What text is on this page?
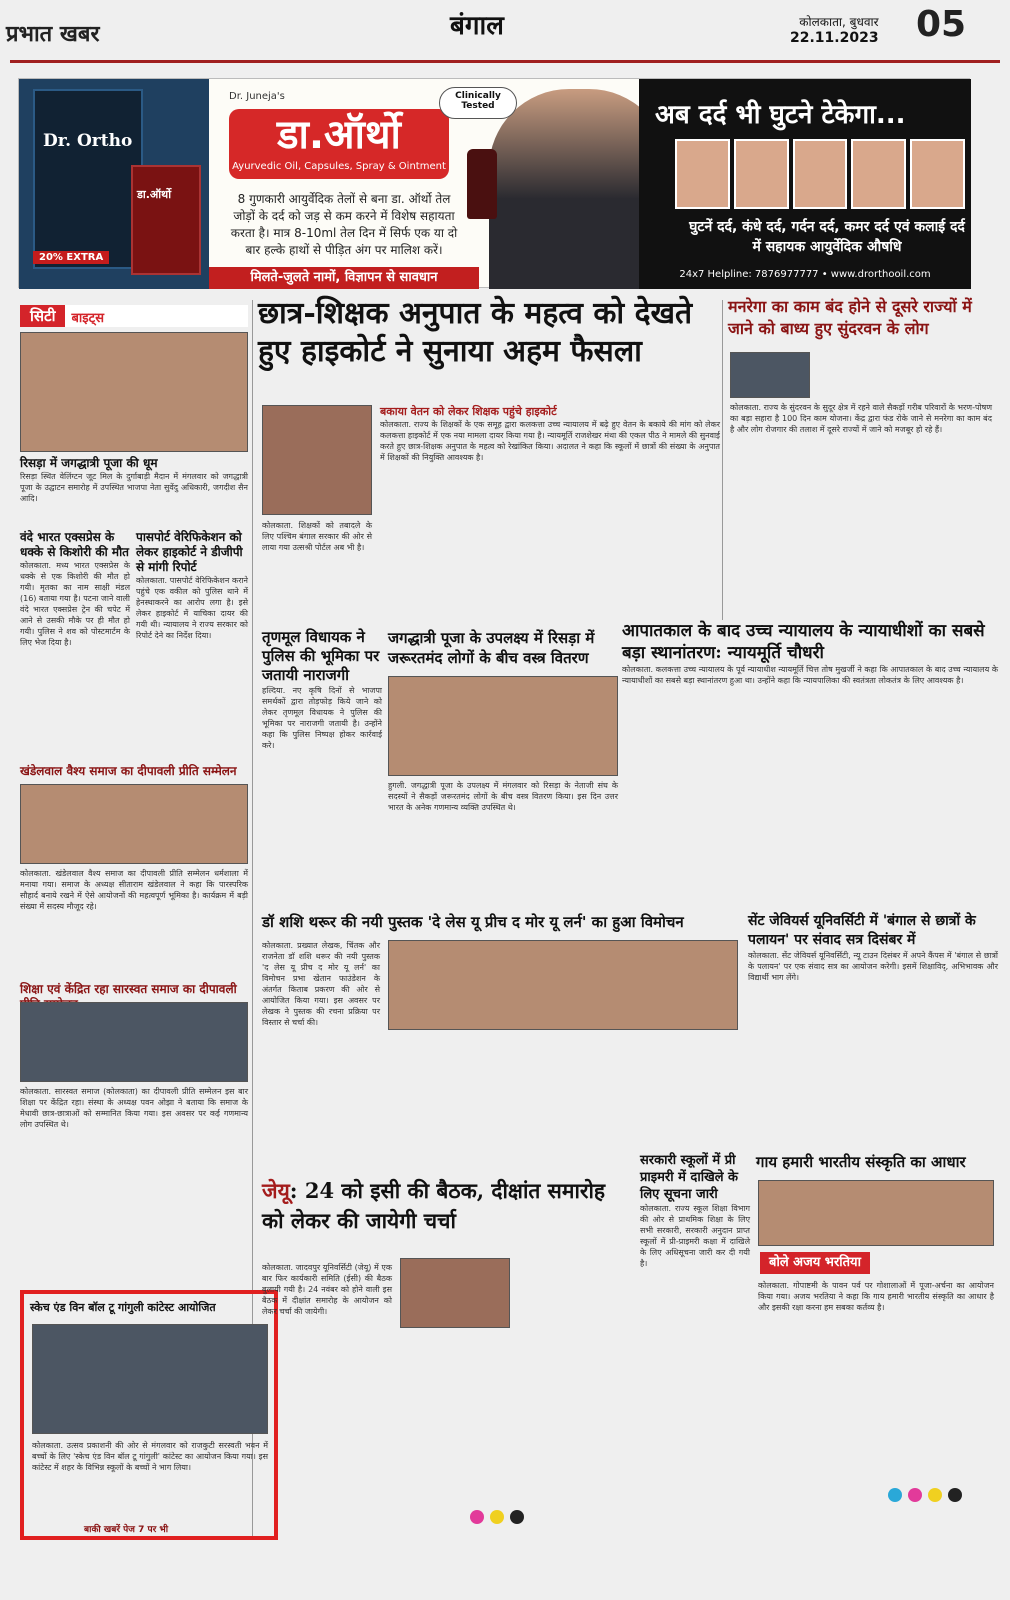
प्रभात खबर	बंगाल	कोलकाता, बुधवार
22.11.2023 05
Dr. Ortho
20% EXTRA
डा.ऑर्थो
Dr. Juneja's
डा.ऑर्थो
Ayurvedic Oil, Capsules, Spray & Ointment
8 गुणकारी आयुर्वेदिक तेलों से बना डा. ऑर्थो तेल जोड़ों के दर्द को जड़ से कम करने में विशेष सहायता करता है। मात्र 8-10ml तेल दिन में सिर्फ एक या दो बार हल्के हाथों से पीड़ित अंग पर मालिश करें।
मिलते-जुलते नामों, विज्ञापन से सावधान
Clinically Tested	अब दर्द भी घुटने टेकेगा...
घुटनें दर्द, कंधे दर्द, गर्दन दर्द, कमर दर्द एवं कलाई दर्द में सहायक आयुर्वेदिक औषधि
24x7 Helpline: 7876977777 • www.drorthooil.com
सिटी	बाइट्स
रिसड़ा में जगद्धात्री पूजा की धूम
रिसड़ा स्थित वेलिंग्टन जूट मिल के दुर्गाबाड़ी मैदान में मंगलवार को जगद्धात्री पूजा के उद्घाटन समारोह में उपस्थित भाजपा नेता सुवेंदु अधिकारी, जगदीश सैन आदि।
वंदे भारत एक्सप्रेस के धक्के से किशोरी की मौत
कोलकाता. मध्य भारत एक्सप्रेस के धक्के से एक किशोरी की मौत हो गयी। मृतका का नाम साक्षी मंडल (16) बताया गया है। पटना जाने वाली वंदे भारत एक्सप्रेस ट्रेन की चपेट में आने से उसकी मौके पर ही मौत हो गयी। पुलिस ने शव को पोस्टमार्टम के लिए भेज दिया है।
पासपोर्ट वेरिफिकेशन को लेकर हाइकोर्ट ने डीजीपी से मांगी रिपोर्ट
कोलकाता. पासपोर्ट वेरिफिकेशन कराने पहुंचे एक वकील को पुलिस थाने में हेनस्थाकरने का आरोप लगा है। इसे लेकर हाइकोर्ट में याचिका दायर की गयी थी। न्यायालय ने राज्य सरकार को रिपोर्ट देने का निर्देश दिया।
खंडेलवाल वैश्य समाज का दीपावली प्रीति सम्मेलन
कोलकाता. खंडेलवाल वैश्य समाज का दीपावली प्रीति सम्मेलन धर्मशाला में मनाया गया। समाज के अध्यक्ष सीताराम खंडेलवाल ने कहा कि पारस्परिक सौहार्द बनाये रखने में ऐसे आयोजनों की महत्वपूर्ण भूमिका है। कार्यक्रम में बड़ी संख्या में सदस्य मौजूद रहे।
शिक्षा एवं केंद्रित रहा सारस्वत समाज का दीपावली
कोलकाता. सारस्वत समाज (कोलकाता) का दीपावली प्रीति सम्मेलन इस बार शिक्षा पर केंद्रित रहा। संस्था के अध्यक्ष पवन ओझा ने बताया कि समाज के मेधावी छात्र-छात्राओं को सम्मानित किया गया। इस अवसर पर कई गणमान्य लोग उपस्थित थे।
स्केच एंड विन बॉल टू गांगुली कांटेस्ट आयोजित
कोलकाता. उत्सव प्रकाशनी की ओर से मंगलवार को राजकुटी सरस्वती भवन में बच्चों के लिए 'स्केच एंड विन बॉल टू गांगुली' कांटेस्ट का आयोजन किया गया। इस कांटेस्ट में शहर के विभिन्न स्कूलों के बच्चों ने भाग लिया।
बाकी खबरें पेज 7 पर भी
छात्र-शिक्षक अनुपात के महत्व को देखते हुए हाइकोर्ट ने सुनाया अहम फैसला
कोलकाता. शिक्षकों को तबादले के लिए पश्चिम बंगाल सरकार की ओर से लाया गया उत्सश्री पोर्टल अब भी है।
बकाया वेतन को लेकर शिक्षक पहुंचे हाइकोर्ट
कोलकाता. राज्य के शिक्षकों के एक समूह द्वारा कलकत्ता उच्च न्यायालय में बढ़े हुए वेतन के बकाये की मांग को लेकर कलकत्ता हाइकोर्ट में एक नया मामला दायर किया गया है। न्यायमूर्ति राजशेखर मंथा की एकल पीठ ने मामले की सुनवाई करते हुए छात्र-शिक्षक अनुपात के महत्व को रेखांकित किया। अदालत ने कहा कि स्कूलों में छात्रों की संख्या के अनुपात में शिक्षकों की नियुक्ति आवश्यक है।
मनरेगा का काम बंद होने से दूसरे राज्यों में जाने को बाध्य हुए सुंदरवन के लोग
कोलकाता. राज्य के सुंदरवन के सुदूर क्षेत्र में रहने वाले सैकड़ों गरीब परिवारों के भरण-पोषण का बड़ा सहारा है 100 दिन काम योजना। केंद्र द्वारा फंड रोके जाने से मनरेगा का काम बंद है और लोग रोजगार की तलाश में दूसरे राज्यों में जाने को मजबूर हो रहे हैं।
तृणमूल विधायक ने पुलिस की भूमिका पर जतायी नाराजगी
हल्दिया. नए कृषि दिनों से भाजपा समर्थकों द्वारा तोड़फोड़ किये जाने को लेकर तृणमूल विधायक ने पुलिस की भूमिका पर नाराजगी जतायी है। उन्होंने कहा कि पुलिस निष्पक्ष होकर कार्रवाई करे।
जगद्धात्री पूजा के उपलक्ष्य में रिसड़ा में जरूरतमंद लोगों के बीच वस्त्र वितरण
हुगली. जगद्धात्री पूजा के उपलक्ष्य में मंगलवार को रिसड़ा के नेताजी संघ के सदस्यों ने सैकड़ों जरूरतमंद लोगों के बीच वस्त्र वितरण किया। इस दिन उत्तर भारत के अनेक गणमान्य व्यक्ति उपस्थित थे।
आपातकाल के बाद उच्च न्यायालय के न्यायाधीशों का सबसे बड़ा स्थानांतरण: न्यायमूर्ति चौधरी
कोलकाता. कलकत्ता उच्च न्यायालय के पूर्व न्यायाधीश न्यायमूर्ति चित्त तोष मुखर्जी ने कहा कि आपातकाल के बाद उच्च न्यायालय के न्यायाधीशों का सबसे बड़ा स्थानांतरण हुआ था। उन्होंने कहा कि न्यायपालिका की स्वतंत्रता लोकतंत्र के लिए आवश्यक है।
डॉ शशि थरूर की नयी पुस्तक 'दे लेस यू प्रीच द मोर यू लर्न' का हुआ विमोचन
कोलकाता. प्रख्यात लेखक, चिंतक और राजनेता डॉ शशि थरूर की नयी पुस्तक 'द लेस यू प्रीच द मोर यू लर्न' का विमोचन प्रभा खेतान फाउंडेशन के अंतर्गत किताब प्रकरण की ओर से आयोजित किया गया। इस अवसर पर लेखक ने पुस्तक की रचना प्रक्रिया पर विस्तार से चर्चा की।
सेंट जेवियर्स यूनिवर्सिटी में 'बंगाल से छात्रों के पलायन' पर संवाद सत्र दिसंबर में
कोलकाता. सेंट जेवियर्स यूनिवर्सिटी, न्यू टाउन दिसंबर में अपने कैंपस में 'बंगाल से छात्रों के पलायन' पर एक संवाद सत्र का आयोजन करेगी। इसमें शिक्षाविद्, अभिभावक और विद्यार्थी भाग लेंगे।
जेयू: 24 को इसी की बैठक, दीक्षांत समारोह को लेकर की जायेगी चर्चा
कोलकाता. जादवपुर यूनिवर्सिटी (जेयू) में एक बार फिर कार्यकारी समिति (ईसी) की बैठक बुलायी गयी है। 24 नवंबर को होने वाली इस बैठक में दीक्षांत समारोह के आयोजन को लेकर चर्चा की जायेगी।
सरकारी स्कूलों में प्री प्राइमरी में दाखिले के लिए सूचना जारी
कोलकाता. राज्य स्कूल शिक्षा विभाग की ओर से प्राथमिक शिक्षा के लिए सभी सरकारी, सरकारी अनुदान प्राप्त स्कूलों में प्री-प्राइमरी कक्षा में दाखिले के लिए अधिसूचना जारी कर दी गयी है।
गाय हमारी भारतीय संस्कृति का आधार
बोले अजय भरतिया
कोलकाता. गोपाष्टमी के पावन पर्व पर गोशालाओं में पूजा-अर्चना का आयोजन किया गया। अजय भरतिया ने कहा कि गाय हमारी भारतीय संस्कृति का आधार है और इसकी रक्षा करना हम सबका कर्तव्य है।
